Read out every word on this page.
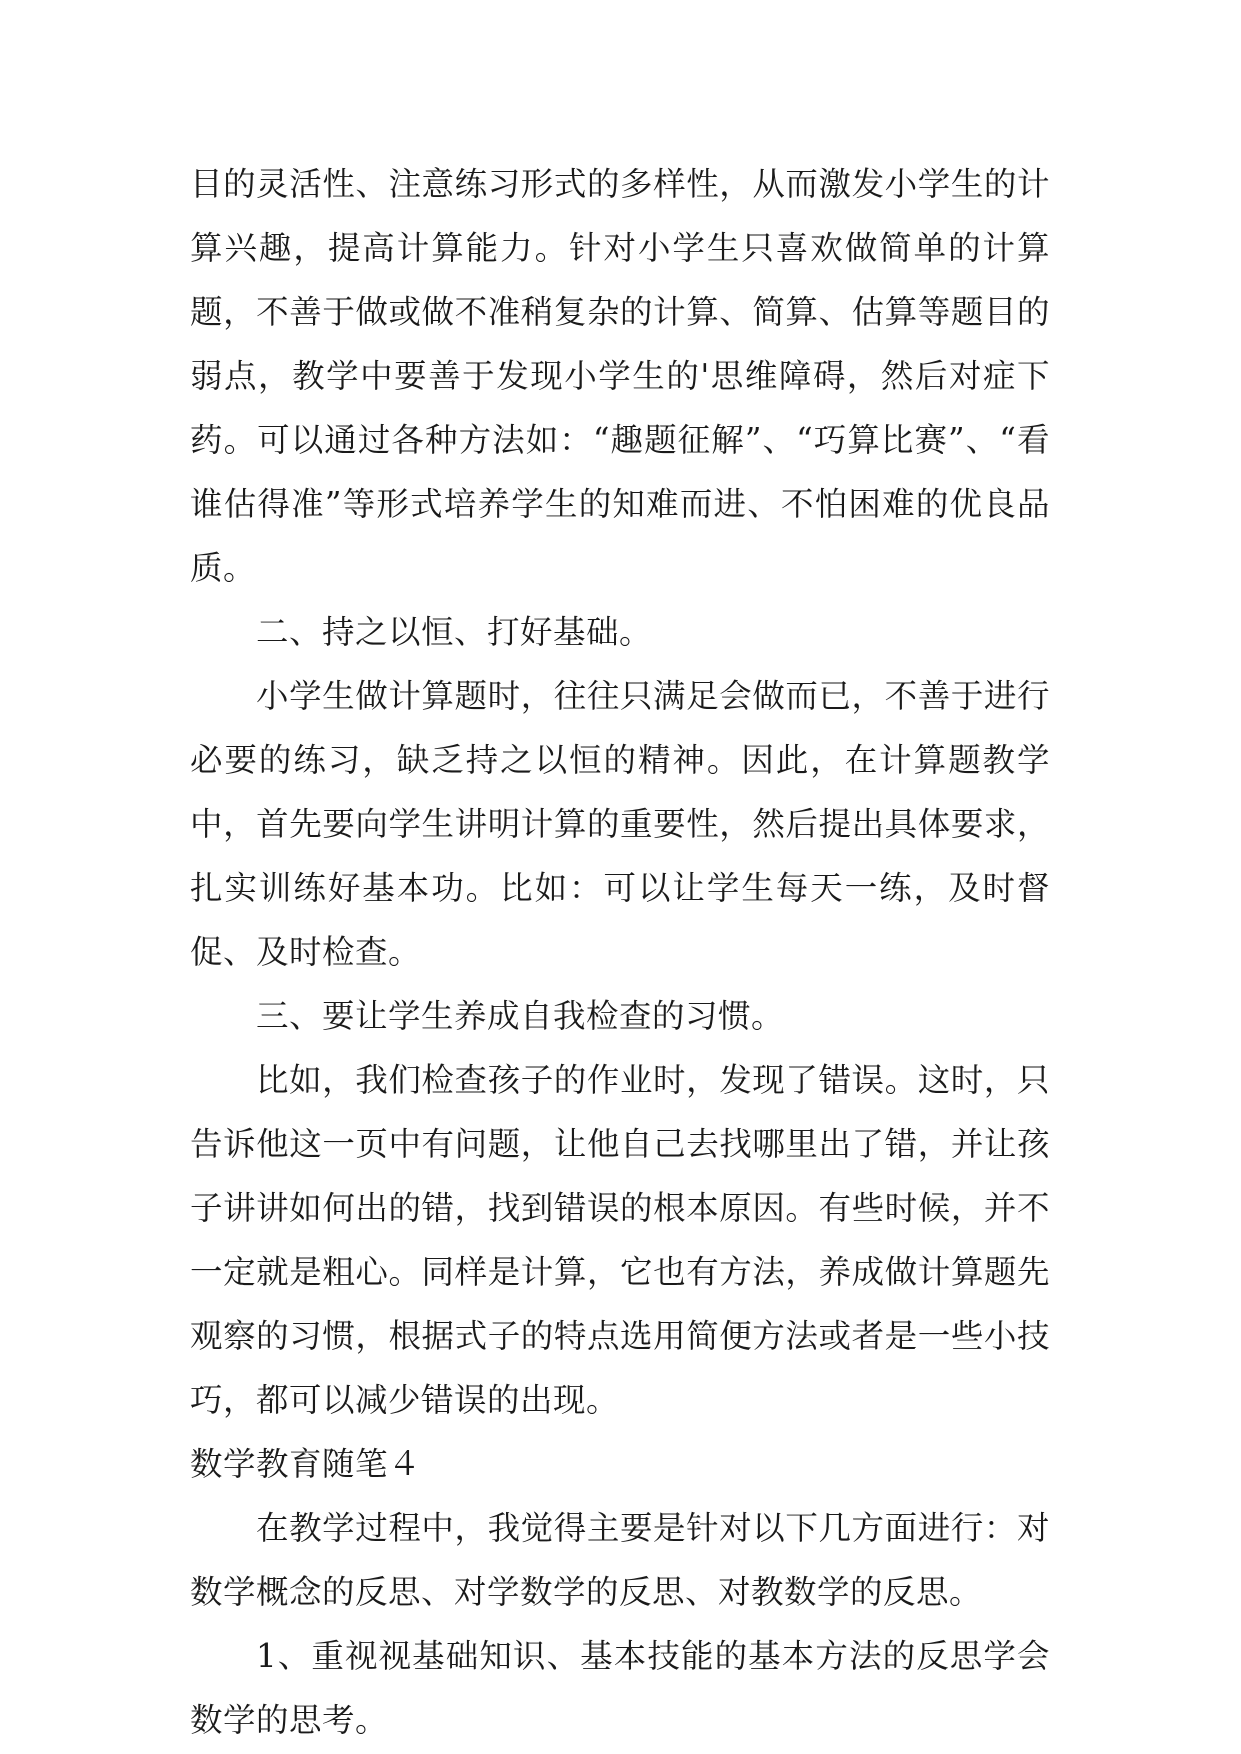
目的灵活性、注意练习形式的多样性，从而激发小学生的计算兴趣，提高计算能力。针对小学生只喜欢做简单的计算题，不善于做或做不准稍复杂的计算、简算、估算等题目的弱点，教学中要善于发现小学生的'思维障碍，然后对症下药。可以通过各种方法如：“趣题征解”、“巧算比赛”、“看谁估得准”等形式培养学生的知难而进、不怕困难的优良品质。

二、持之以恒、打好基础。

小学生做计算题时，往往只满足会做而已，不善于进行必要的练习，缺乏持之以恒的精神。因此，在计算题教学中，首先要向学生讲明计算的重要性，然后提出具体要求，扎实训练好基本功。比如：可以让学生每天一练，及时督促、及时检查。

三、要让学生养成自我检查的习惯。

比如，我们检查孩子的作业时，发现了错误。这时，只告诉他这一页中有问题，让他自己去找哪里出了错，并让孩子讲讲如何出的错，找到错误的根本原因。有些时候，并不一定就是粗心。同样是计算，它也有方法，养成做计算题先观察的习惯，根据式子的特点选用简便方法或者是一些小技巧，都可以减少错误的出现。

数学教育随笔４

在教学过程中，我觉得主要是针对以下几方面进行：对数学概念的反思、对学数学的反思、对教数学的反思。

1、重视视基础知识、基本技能的基本方法的反思学会数学的思考。
